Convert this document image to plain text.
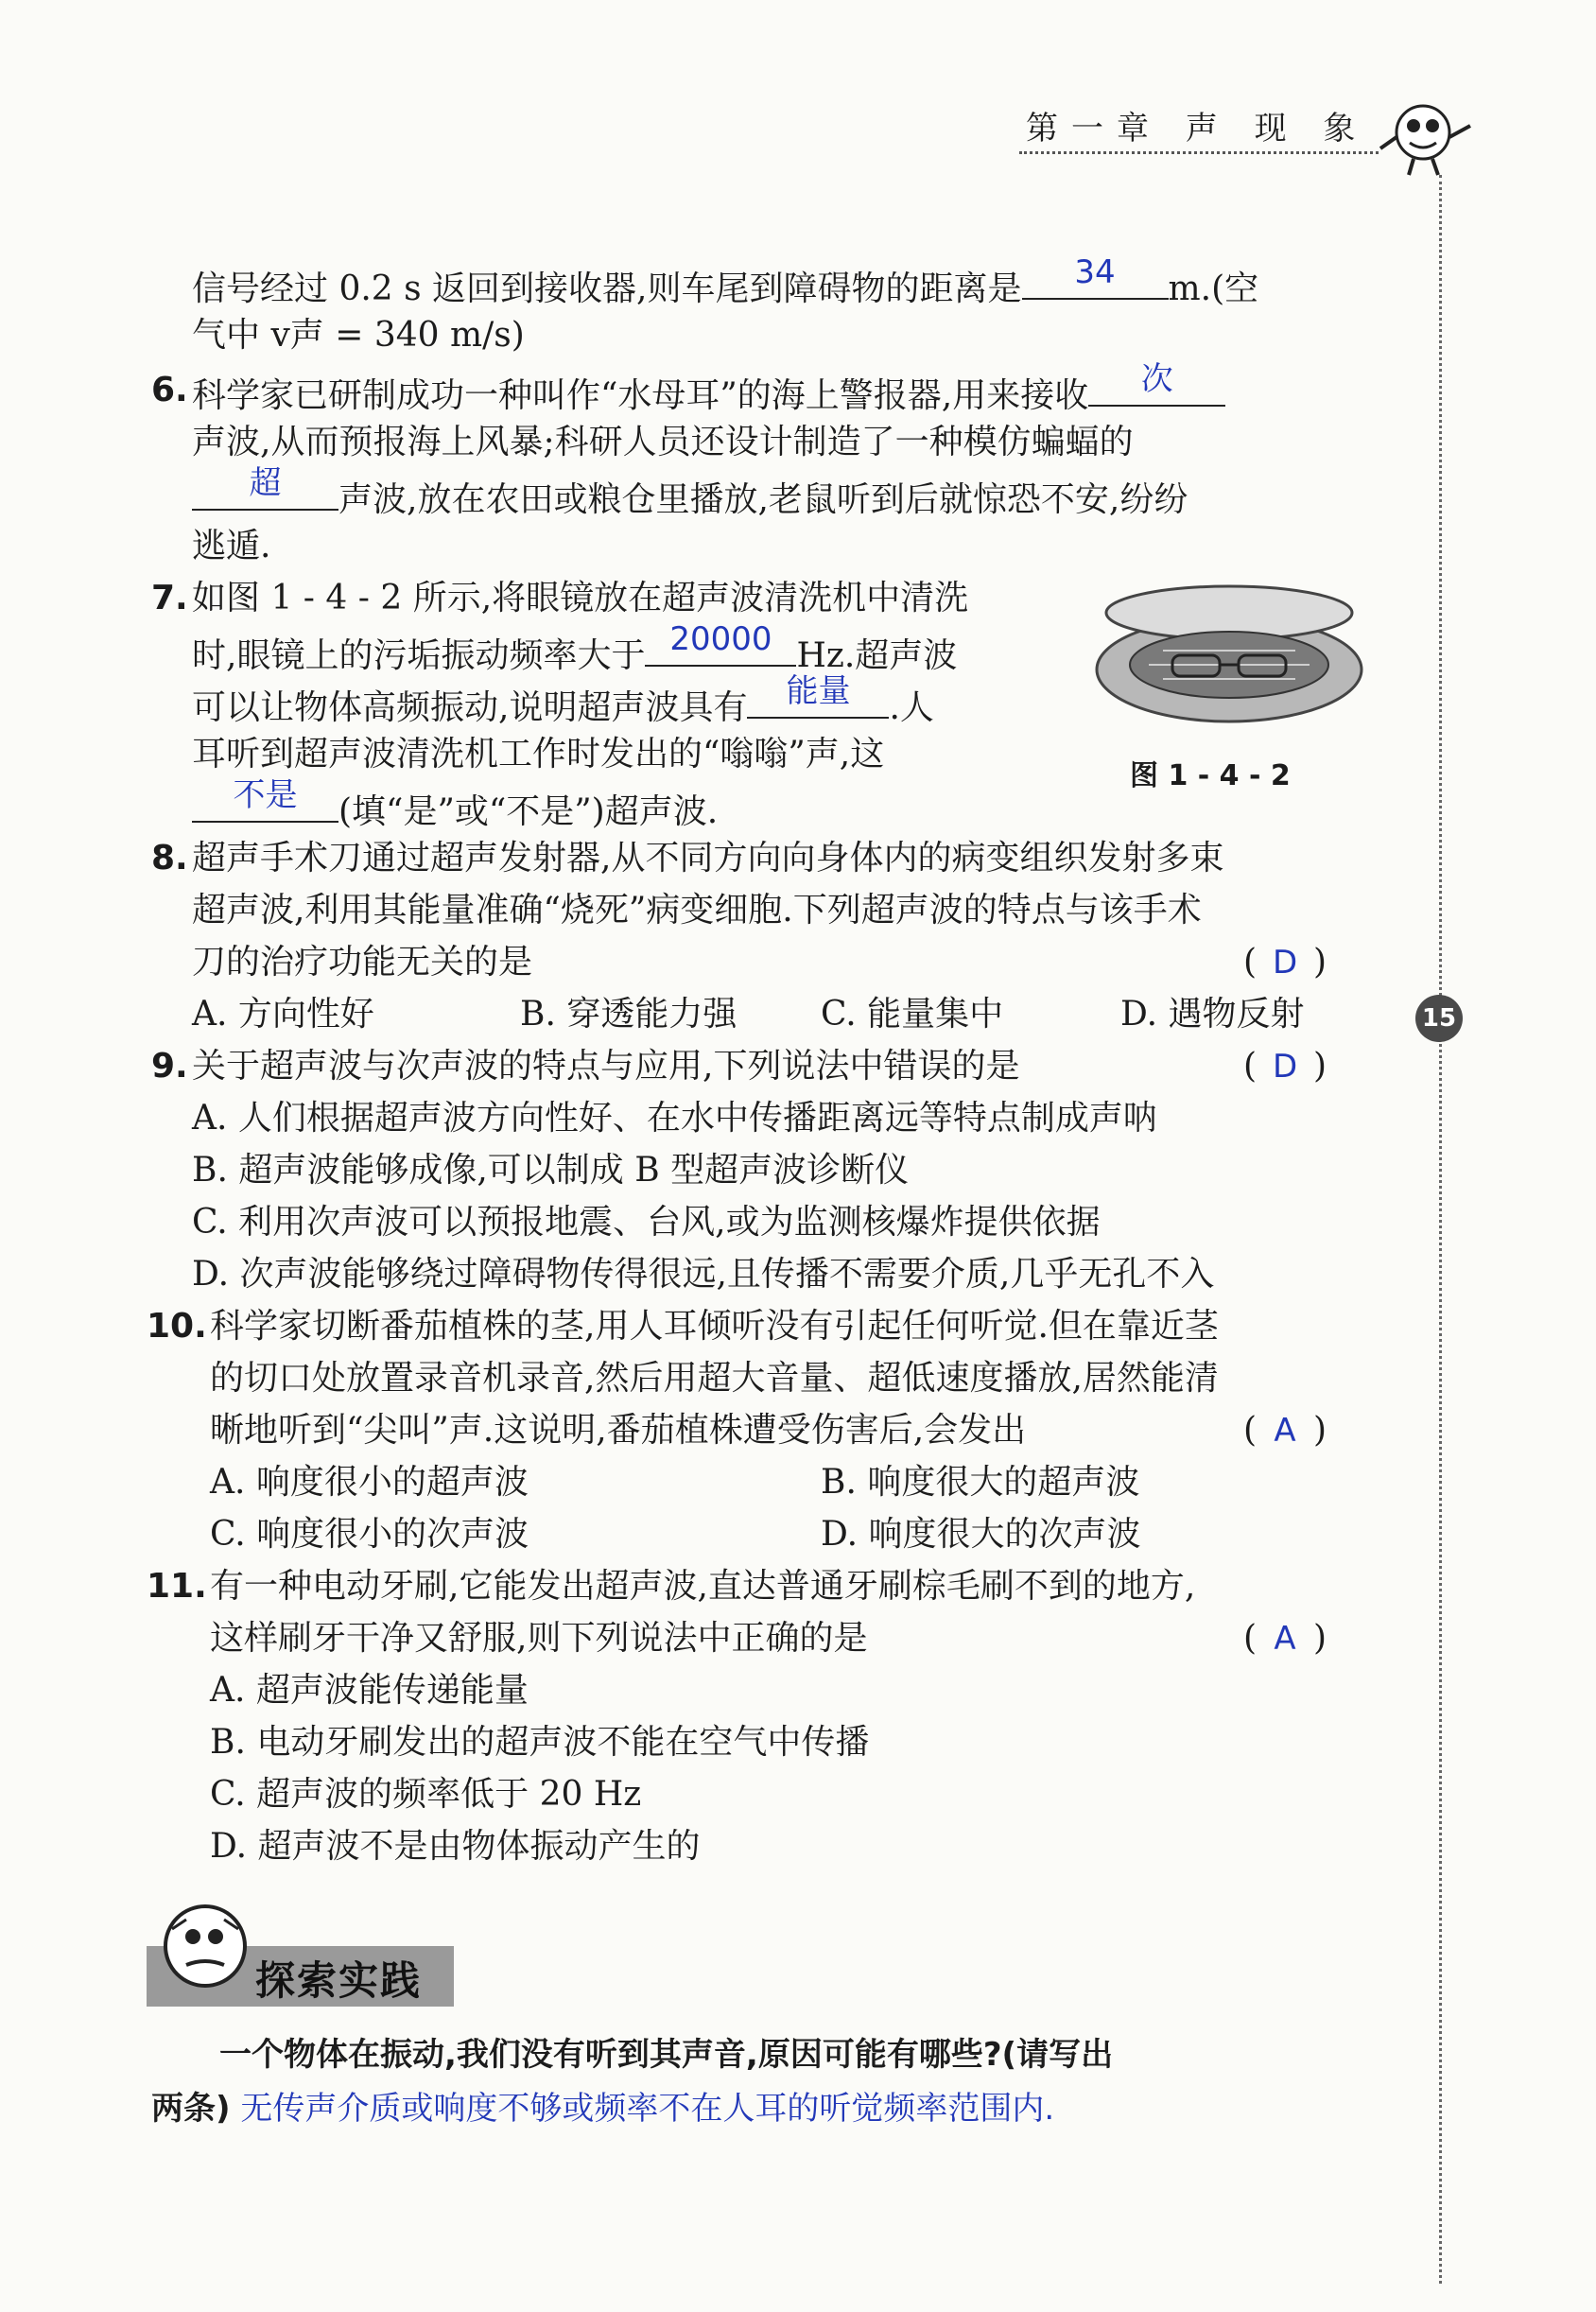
第一章 声 现 象
15
信号经过 0.2 s 返回到接收器,则车尾到障碍物的距离是	34	m.(空
气中 v声 = 340 m/s)
6. 科学家已研制成功一种叫作“水母耳”的海上警报器,用来接收	次
声波,从而预报海上风暴;科研人员还设计制造了一种模仿蝙蝠的
超	声波,放在农田或粮仓里播放,老鼠听到后就惊恐不安,纷纷
逃遁.
7. 如图 1 - 4 - 2 所示,将眼镜放在超声波清洗机中清洗
时,眼镜上的污垢振动频率大于 20000 Hz.超声波
可以让物体高频振动,说明超声波具有	能量	.人
耳听到超声波清洗机工作时发出的“嗡嗡”声,这
不是	(填“是”或“不是”)超声波.
图 1 - 4 - 2
8. 超声手术刀通过超声发射器,从不同方向向身体内的病变组织发射多束
超声波,利用其能量准确“烧死”病变细胞.下列超声波的特点与该手术
刀的治疗功能无关的是	( D )
A. 方向性好	B. 穿透能力强 C. 能量集中	D. 遇物反射
9. 关于超声波与次声波的特点与应用,下列说法中错误的是	( D )
A. 人们根据超声波方向性好、在水中传播距离远等特点制成声呐
B. 超声波能够成像,可以制成 B 型超声波诊断仪
C. 利用次声波可以预报地震、台风,或为监测核爆炸提供依据
D. 次声波能够绕过障碍物传得很远,且传播不需要介质,几乎无孔不入
10. 科学家切断番茄植株的茎,用人耳倾听没有引起任何听觉.但在靠近茎
的切口处放置录音机录音,然后用超大音量、超低速度播放,居然能清
晰地听到“尖叫”声.这说明,番茄植株遭受伤害后,会发出	( A )
A. 响度很小的超声波	B. 响度很大的超声波
C. 响度很小的次声波	D. 响度很大的次声波
11. 有一种电动牙刷,它能发出超声波,直达普通牙刷棕毛刷不到的地方,
这样刷牙干净又舒服,则下列说法中正确的是	( A )
A. 超声波能传递能量
B. 电动牙刷发出的超声波不能在空气中传播
C. 超声波的频率低于 20 Hz
D. 超声波不是由物体振动产生的
探索实践
一个物体在振动,我们没有听到其声音,原因可能有哪些?(请写出
两条) 无传声介质或响度不够或频率不在人耳的听觉频率范围内.
